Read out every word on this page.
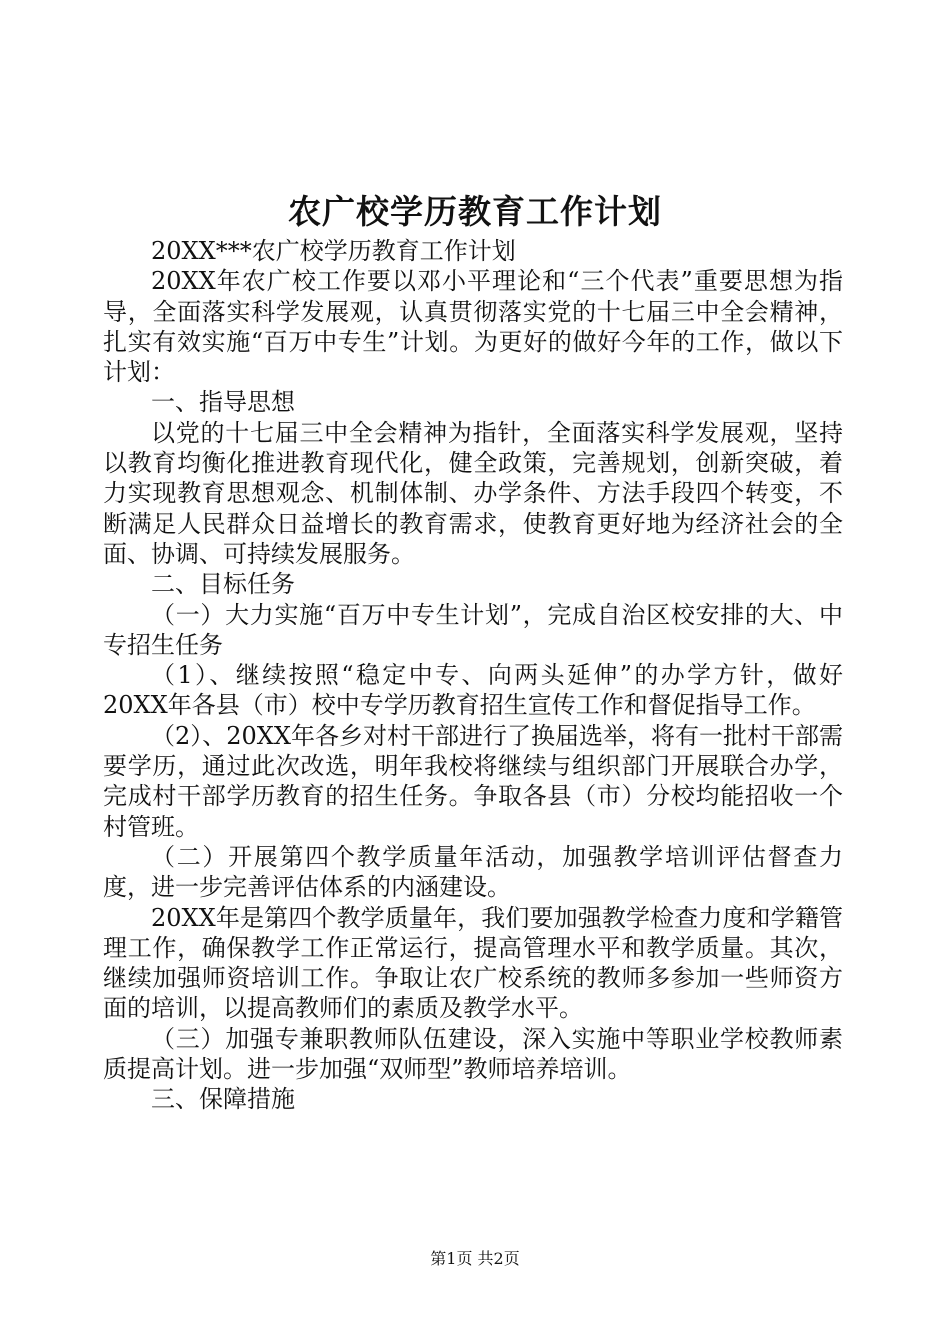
农广校学历教育工作计划

20XX***农广校学历教育工作计划

20XX年农广校工作要以邓小平理论和“三个代表”重要思想为指导，全面落实科学发展观，认真贯彻落实党的十七届三中全会精神，扎实有效实施“百万中专生”计划。为更好的做好今年的工作，做以下计划：

一、指导思想

以党的十七届三中全会精神为指针，全面落实科学发展观，坚持以教育均衡化推进教育现代化，健全政策，完善规划，创新突破，着力实现教育思想观念、机制体制、办学条件、方法手段四个转变，不断满足人民群众日益增长的教育需求，使教育更好地为经济社会的全面、协调、可持续发展服务。

二、目标任务

（一）大力实施“百万中专生计划”，完成自治区校安排的大、中专招生任务

（1）、继续按照“稳定中专、向两头延伸”的办学方针，做好20XX年各县（市）校中专学历教育招生宣传工作和督促指导工作。

（2）、20XX年各乡对村干部进行了换届选举，将有一批村干部需要学历，通过此次改选，明年我校将继续与组织部门开展联合办学，完成村干部学历教育的招生任务。争取各县（市）分校均能招收一个村管班。

（二）开展第四个教学质量年活动，加强教学培训评估督查力度，进一步完善评估体系的内涵建设。

20XX年是第四个教学质量年，我们要加强教学检查力度和学籍管理工作，确保教学工作正常运行，提高管理水平和教学质量。其次，继续加强师资培训工作。争取让农广校系统的教师多参加一些师资方面的培训，以提高教师们的素质及教学水平。

（三）加强专兼职教师队伍建设，深入实施中等职业学校教师素质提高计划。进一步加强“双师型”教师培养培训。

三、保障措施

第1页 共2页
